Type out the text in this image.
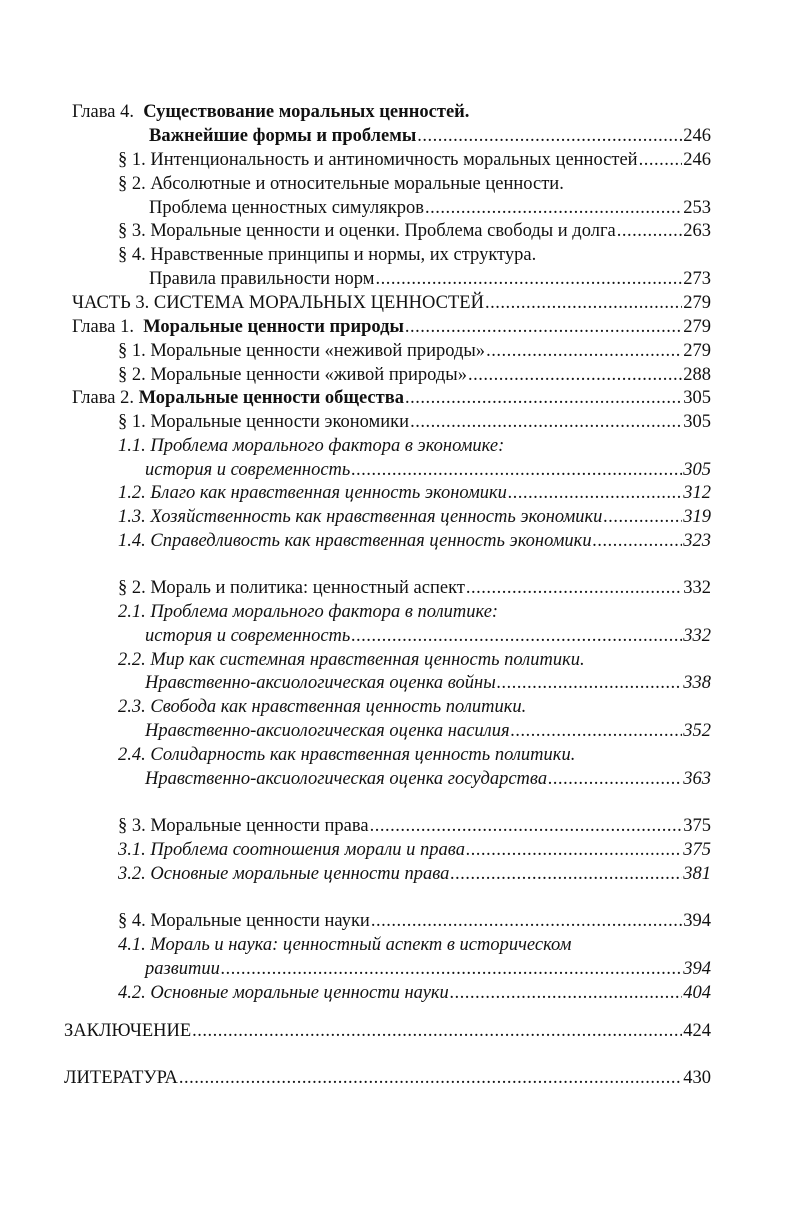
Глава 4. Существование моральных ценностей.
Важнейшие формы и проблемы .....	246
§ 1. Интенциональность и антиномичность моральных ценностей ..... 246
§ 2. Абсолютные и относительные моральные ценности.
Проблема ценностных симулякров .....	253
§ 3. Моральные ценности и оценки. Проблема свободы и долга .....	263
§ 4. Нравственные принципы и нормы, их структура.
Правила правильности норм .....	273
ЧАСТЬ 3. СИСТЕМА МОРАЛЬНЫХ ЦЕННОСТЕЙ .....	279
Глава 1.
Моральные ценности природы .....	279
§ 1. Моральные ценности «неживой природы» .....	279
§ 2. Моральные ценности «живой природы» .....	288
Глава 2.
Моральные ценности общества .....	305
§ 1. Моральные ценности экономики .....	305
1.1. Проблема морального фактора в экономике:
история и современность .....	305
1.2. Благо как нравственная ценность экономики .....	312
1.3. Хозяйственность как нравственная ценность экономики .....	319
1.4. Справедливость как нравственная ценность экономики .....	323
§ 2. Мораль и политика: ценностный аспект .....	332
2.1. Проблема морального фактора в политике:
история и современность .....	332
2.2. Мир как системная нравственная ценность политики.
Нравственно-аксиологическая оценка войны .....	338
2.3. Свобода как нравственная ценность политики.
Нравственно-аксиологическая оценка насилия .....	352
2.4. Солидарность как нравственная ценность политики.
Нравственно-аксиологическая оценка государства .....	363
§ 3. Моральные ценности права .....	375
3.1. Проблема соотношения морали и права .....	375
3.2. Основные моральные ценности права .....	381
§ 4. Моральные ценности науки .....	394
4.1. Мораль и наука: ценностный аспект в историческом
развитии .....	394
4.2. Основные моральные ценности науки .....	404
ЗАКЛЮЧЕНИЕ .....	424
ЛИТЕРАТУРА .....	430
